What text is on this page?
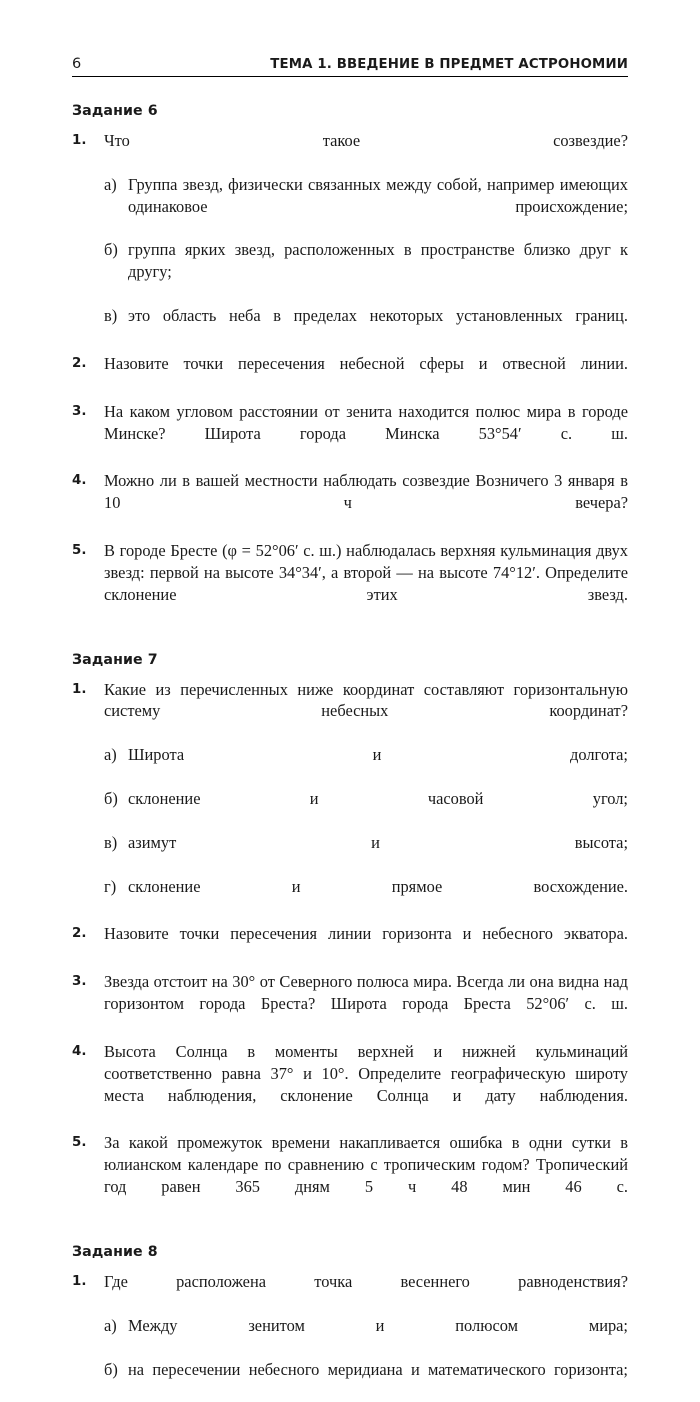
6	ТЕМА 1. ВВЕДЕНИЕ В ПРЕДМЕТ АСТРОНОМИИ
Задание 6
1.	Что такое созвездие?
а) Группа звезд, физически связанных между собой, например имеющих одинаковое происхождение;
б) группа ярких звезд, расположенных в пространстве близко друг к другу;
в) это область неба в пределах некоторых установленных границ.
2.	Назовите точки пересечения небесной сферы и отвесной линии.
3.	На каком угловом расстоянии от зенита находится полюс мира в городе Минске? Широта города Минска 53°54′ с. ш.
4.	Можно ли в вашей местности наблюдать созвездие Возничего 3 января в 10 ч вечера?
5.	В городе Бресте (φ = 52°06′ с. ш.) наблюдалась верхняя кульминация двух звезд: первой на высоте 34°34′, а второй — на высоте 74°12′. Определите склонение этих звезд.
Задание 7
1.	Какие из перечисленных ниже координат составляют горизонтальную систему небесных координат?
а) Широта и долгота;
б) склонение и часовой угол;
в) азимут и высота;
г) склонение и прямое восхождение.
2.	Назовите точки пересечения линии горизонта и небесного экватора.
3.	Звезда отстоит на 30° от Северного полюса мира. Всегда ли она видна над горизонтом города Бреста? Широта города Бреста 52°06′ с. ш.
4.	Высота Солнца в моменты верхней и нижней кульминаций соответственно равна 37° и 10°. Определите географическую широту места наблюдения, склонение Солнца и дату наблюдения.
5.	За какой промежуток времени накапливается ошибка в одни сутки в юлианском календаре по сравнению с тропическим годом? Тропический год равен 365 дням 5 ч 48 мин 46 с.
Задание 8
1.	Где расположена точка весеннего равноденствия?
а) Между зенитом и полюсом мира;
б) на пересечении небесного меридиана и математического горизонта;
